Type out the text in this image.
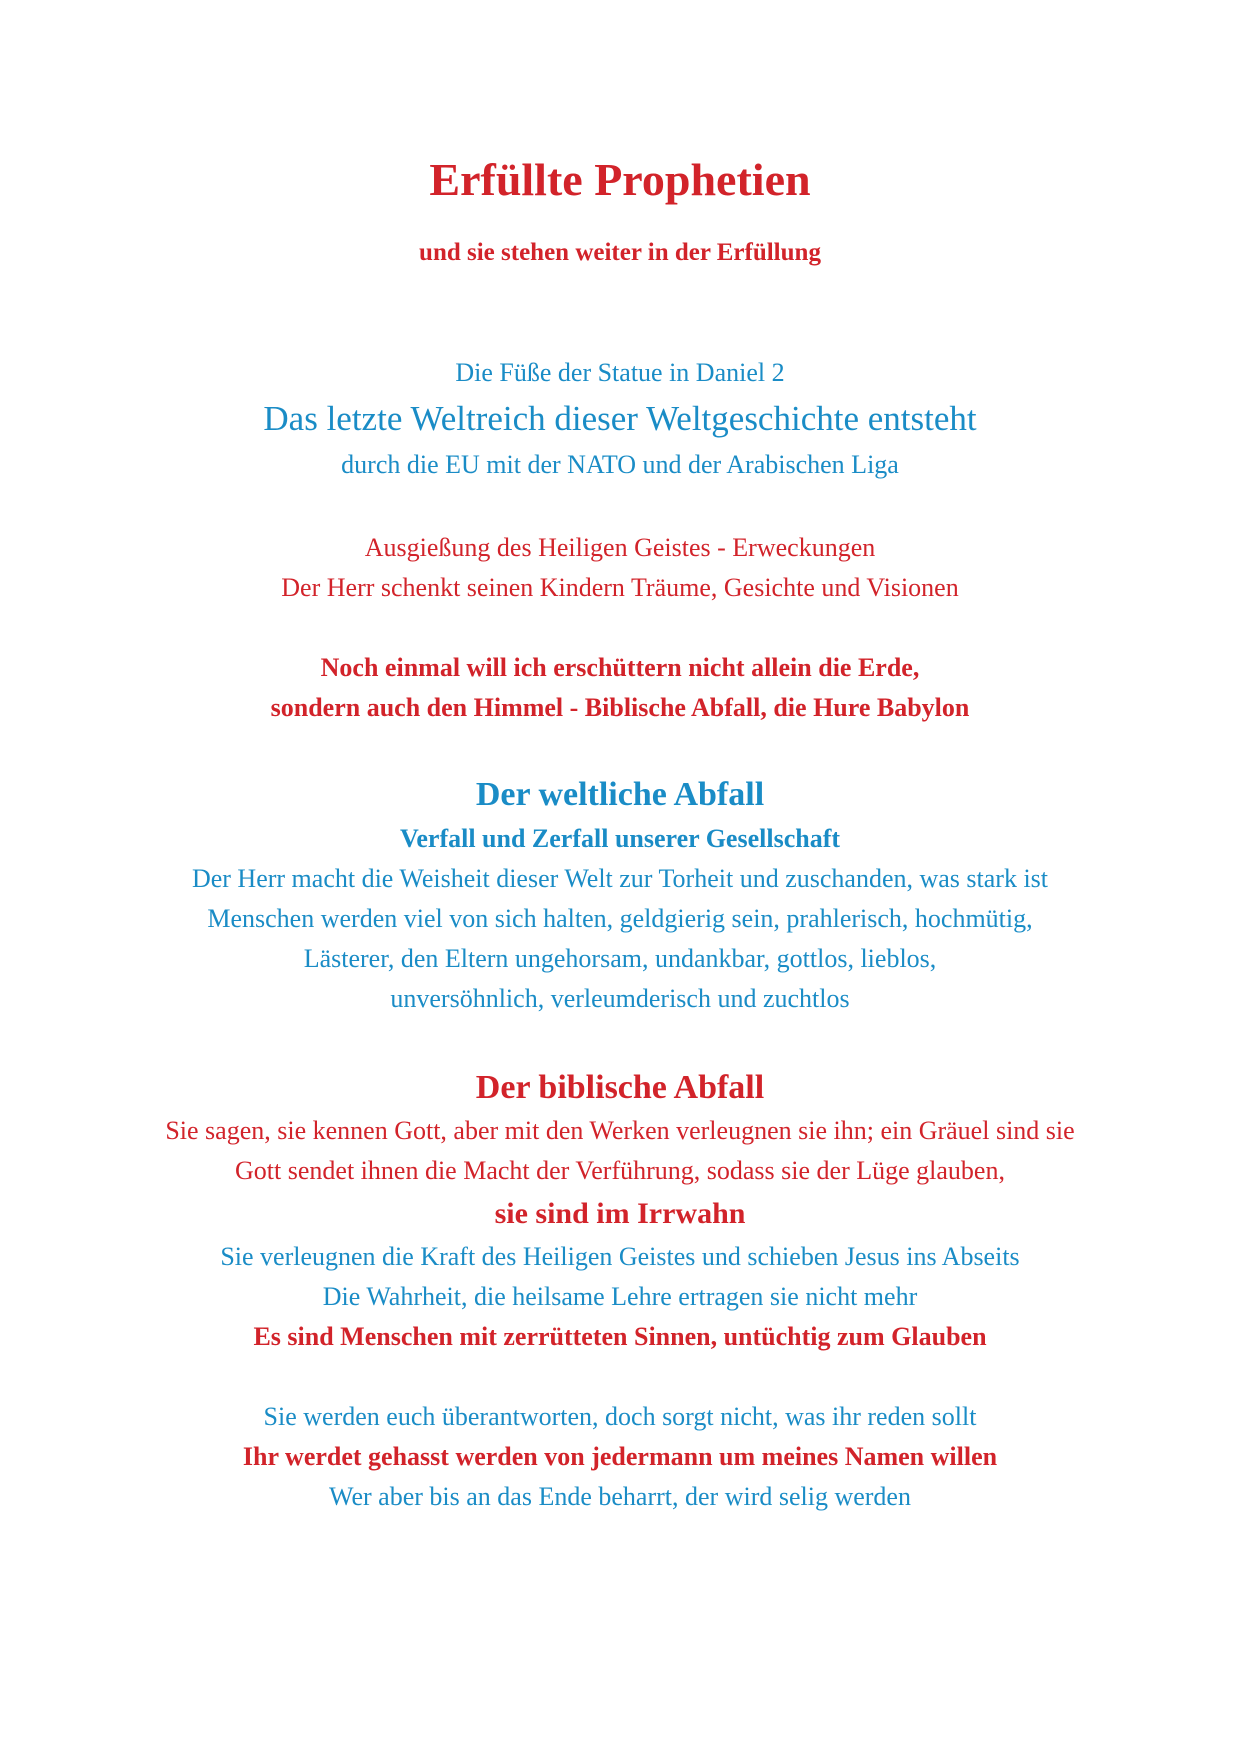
Erfüllte Prophetien

und sie stehen weiter in der Erfüllung

Die Füße der Statue in Daniel 2

Das letzte Weltreich dieser Weltgeschichte entsteht

durch die EU mit der NATO und der Arabischen Liga

Ausgießung des Heiligen Geistes - Erweckungen

Der Herr schenkt seinen Kindern Träume, Gesichte und Visionen

Noch einmal will ich erschüttern nicht allein die Erde,

sondern auch den Himmel - Biblische Abfall, die Hure Babylon

Der weltliche Abfall

Verfall und Zerfall unserer Gesellschaft

Der Herr macht die Weisheit dieser Welt zur Torheit und zuschanden, was stark ist

Menschen werden viel von sich halten, geldgierig sein, prahlerisch, hochmütig,

Lästerer, den Eltern ungehorsam, undankbar, gottlos, lieblos,

unversöhnlich, verleumderisch und zuchtlos

Der biblische Abfall

Sie sagen, sie kennen Gott, aber mit den Werken verleugnen sie ihn; ein Gräuel sind sie

Gott sendet ihnen die Macht der Verführung, sodass sie der Lüge glauben,

sie sind im Irrwahn

Sie verleugnen die Kraft des Heiligen Geistes und schieben Jesus ins Abseits

Die Wahrheit, die heilsame Lehre ertragen sie nicht mehr

Es sind Menschen mit zerrütteten Sinnen, untüchtig zum Glauben

Sie werden euch überantworten, doch sorgt nicht, was ihr reden sollt

Ihr werdet gehasst werden von jedermann um meines Namen willen

Wer aber bis an das Ende beharrt, der wird selig werden
